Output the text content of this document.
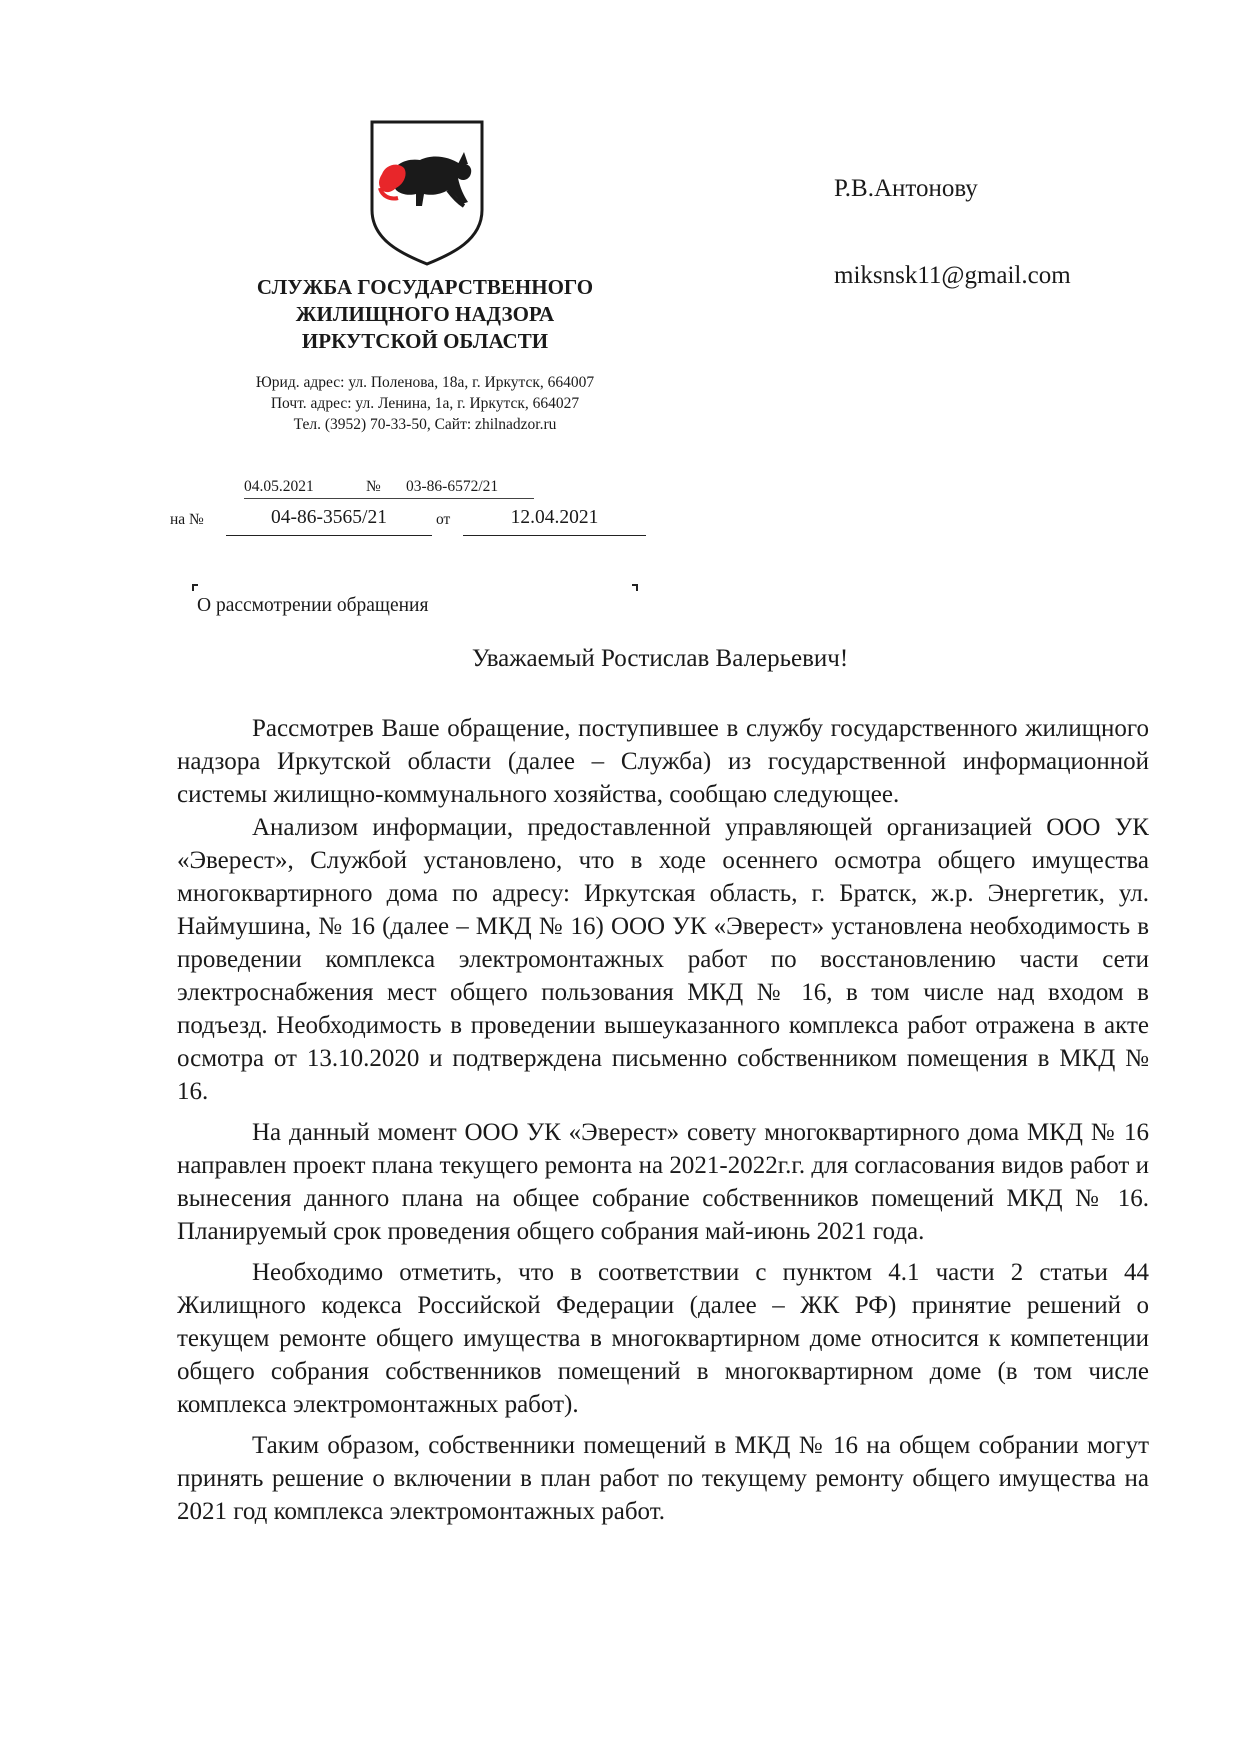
СЛУЖБА ГОСУДАРСТВЕННОГО
ЖИЛИЩНОГО НАДЗОРА
ИРКУТСКОЙ ОБЛАСТИ
Юрид. адрес: ул. Поленова, 18а, г. Иркутск, 664007
Почт. адрес: ул. Ленина, 1а, г. Иркутск, 664027
Тел. (3952) 70-33-50, Сайт: zhilnadzor.ru
Р.В.Антонову
miksnsk11@gmail.com
04.05.2021	№ 03-86-6572/21
на №	04-86-3565/21	от	12.04.2021
О рассмотрении обращения
Уважаемый Ростислав Валерьевич!

Рассмотрев Ваше обращение, поступившее в службу государственного жилищного надзора Иркутской области (далее – Служба) из государственной информационной системы жилищно-коммунального хозяйства, сообщаю следующее.

Анализом информации, предоставленной управляющей организацией ООО УК «Эверест», Службой установлено, что в ходе осеннего осмотра общего имущества многоквартирного дома по адресу: Иркутская область, г. Братск, ж.р. Энергетик, ул. Наймушина, № 16 (далее – МКД № 16) ООО УК «Эверест» установлена необходимость в проведении комплекса электромонтажных работ по восстановлению части сети электроснабжения мест общего пользования МКД № 16, в том числе над входом в подъезд. Необходимость в проведении вышеуказанного комплекса работ отражена в акте осмотра от 13.10.2020 и подтверждена письменно собственником помещения в МКД № 16.

На данный момент ООО УК «Эверест» совету многоквартирного дома МКД № 16 направлен проект плана текущего ремонта на 2021-2022г.г. для согласования видов работ и вынесения данного плана на общее собрание собственников помещений МКД № 16. Планируемый срок проведения общего собрания май-июнь 2021 года.

Необходимо отметить, что в соответствии с пунктом 4.1 части 2 статьи 44 Жилищного кодекса Российской Федерации (далее – ЖК РФ) принятие решений о текущем ремонте общего имущества в многоквартирном доме относится к компетенции общего собрания собственников помещений в многоквартирном доме (в том числе комплекса электромонтажных работ).

Таким образом, собственники помещений в МКД № 16 на общем собрании могут принять решение о включении в план работ по текущему ремонту общего имущества на 2021 год комплекса электромонтажных работ.
